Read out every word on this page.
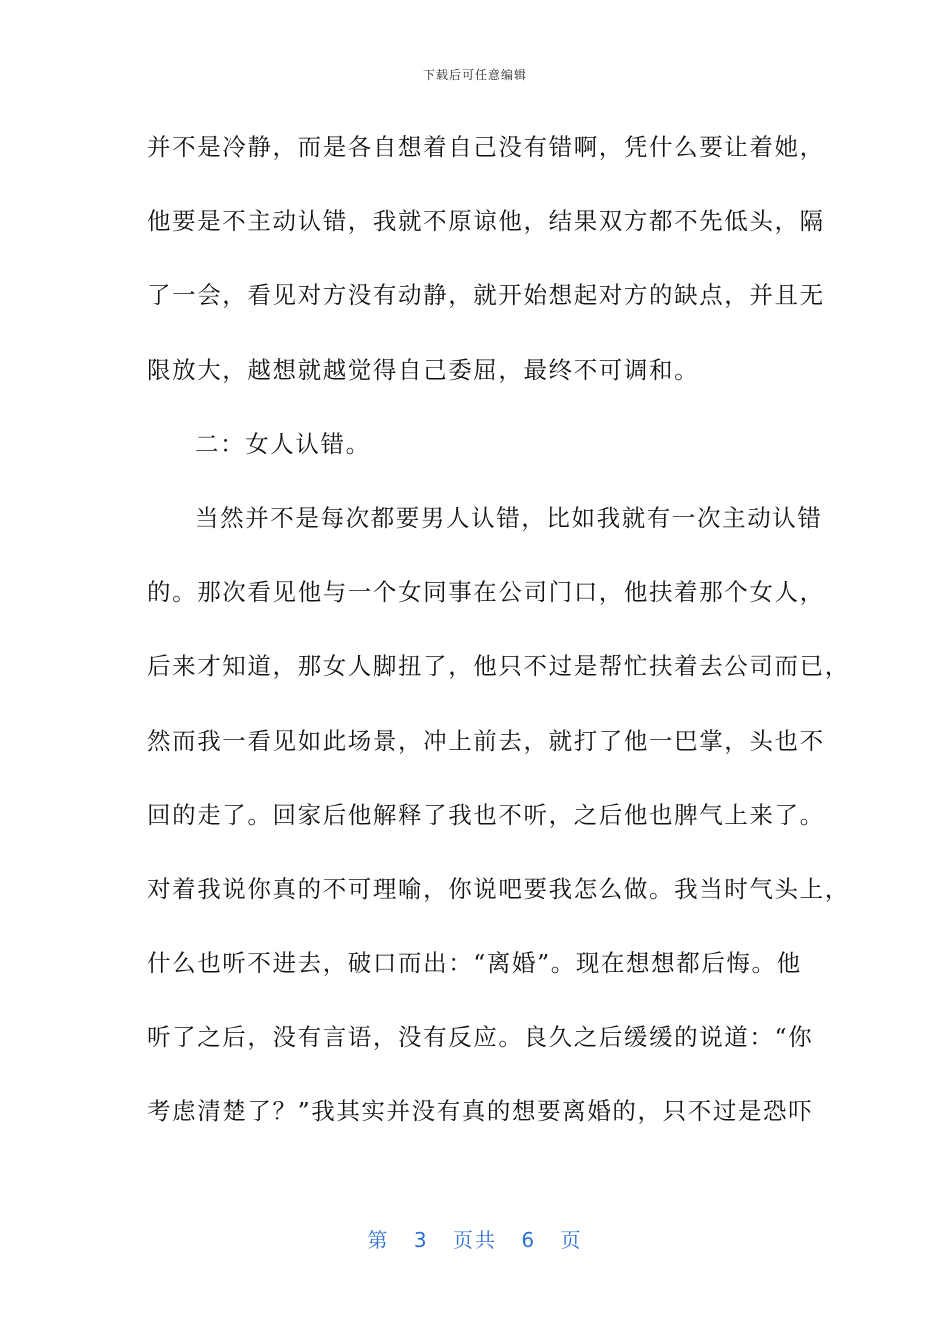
下载后可任意编辑
并不是冷静，而是各自想着自己没有错啊，凭什么要让着她，
他要是不主动认错，我就不原谅他，结果双方都不先低头，隔
了一会，看见对方没有动静，就开始想起对方的缺点，并且无
限放大，越想就越觉得自己委屈，最终不可调和。
二：女人认错。
当然并不是每次都要男人认错，比如我就有一次主动认错
的。那次看见他与一个女同事在公司门口，他扶着那个女人，
后来才知道，那女人脚扭了，他只不过是帮忙扶着去公司而已，
然而我一看见如此场景，冲上前去，就打了他一巴掌，头也不
回的走了。回家后他解释了我也不听，之后他也脾气上来了。
对着我说你真的不可理喻，你说吧要我怎么做。我当时气头上，
什么也听不进去，破口而出：“离婚”。现在想想都后悔。他
听了之后，没有言语，没有反应。良久之后缓缓的说道：“你
考虑清楚了？”我其实并没有真的想要离婚的，只不过是恐吓
第 3 页共 6 页
